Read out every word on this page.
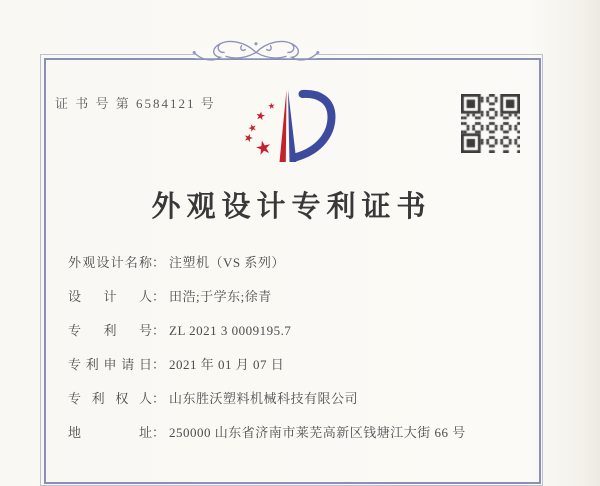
证 书 号 第 6584121 号
外观设计专利证书
外观设计名称： 注塑机（VS 系列）
设计人： 田浩;于学东;徐青
专利号： ZL 2021 3 0009195.7
专利申请日： 2021 年 01 月 07 日
专利权人： 山东胜沃塑料机械科技有限公司
地址： 250000 山东省济南市莱芜高新区钱塘江大街 66 号
